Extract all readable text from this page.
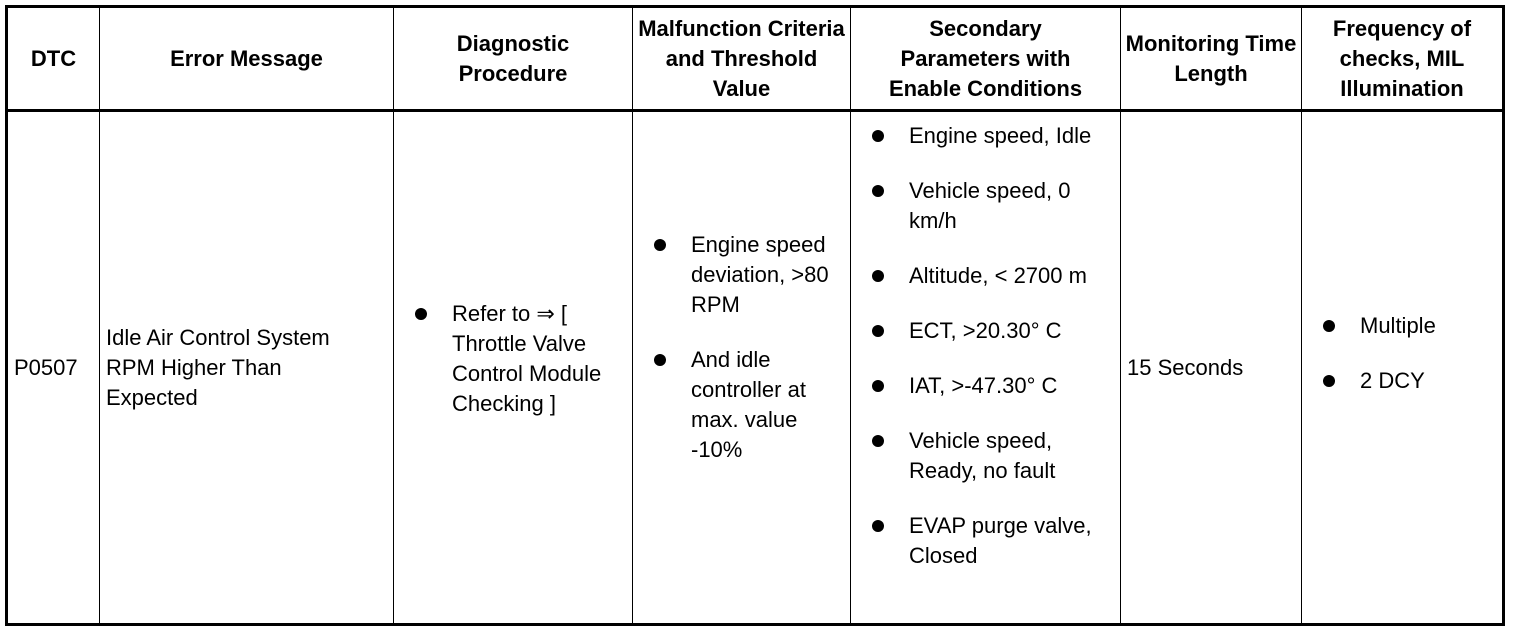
DTC	Error Message
Diagnostic Procedure
Malfunction Criteria and Threshold Value
Secondary Parameters with Enable Conditions
Monitoring Time Length
Frequency of checks, MIL Illumination
P0507
Idle Air Control System RPM Higher Than Expected
Refer to ⇒ [ Throttle Valve Control Module Checking ]
Engine speed deviation, >80 RPM
And idle controller at max. value -10%
Engine speed, Idle
Vehicle speed, 0 km/h
Altitude, < 2700 m
ECT, >20.30° C
IAT, >-47.30° C
Vehicle speed, Ready, no fault
EVAP purge valve, Closed
15 Seconds
Multiple
2 DCY
